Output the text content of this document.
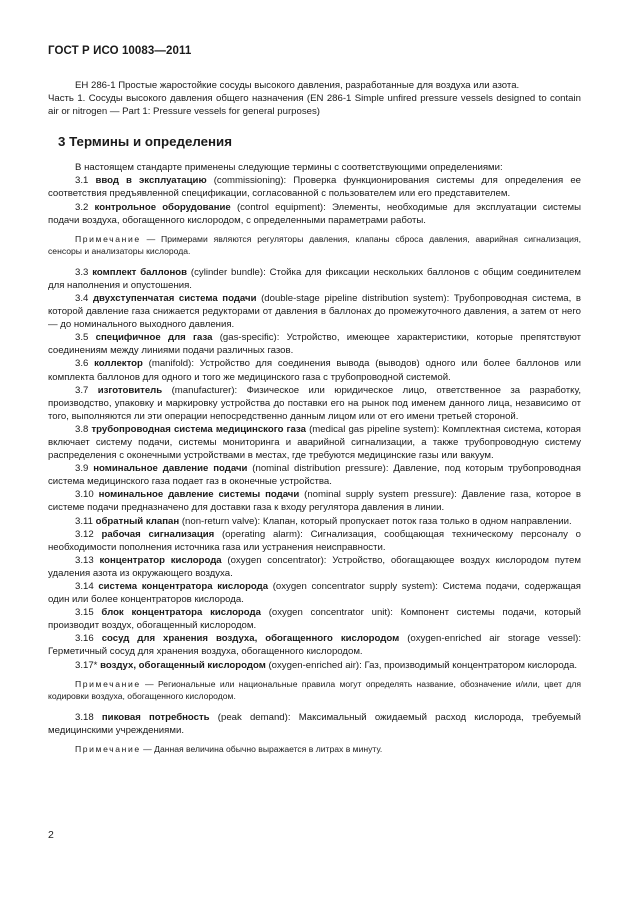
ГОСТ Р ИСО 10083—2011

ЕН 286-1 Простые жаростойкие сосуды высокого давления, разработанные для воздуха или азота.

Часть 1. Сосуды высокого давления общего назначения (EN 286-1 Simple unfired pressure vessels designed to contain air or nitrogen — Part 1: Pressure vessels for general purposes)

3 Термины и определения

В настоящем стандарте применены следующие термины с соответствующими определениями:

3.1 ввод в эксплуатацию (commissioning): Проверка функционирования системы для определения ее соответствия предъявленной спецификации, согласованной с пользователем или его представителем.

3.2 контрольное оборудование (control equipment): Элементы, необходимые для эксплуатации системы подачи воздуха, обогащенного кислородом, с определенными параметрами работы.

Примечание — Примерами являются регуляторы давления, клапаны сброса давления, аварийная сигнализация, сенсоры и анализаторы кислорода.

3.3 комплект баллонов (cylinder bundle): Стойка для фиксации нескольких баллонов с общим соединителем для наполнения и опустошения.

3.4 двухступенчатая система подачи (double-stage pipeline distribution system): Трубопроводная система, в которой давление газа снижается редукторами от давления в баллонах до промежуточного давления, а затем от него — до номинального выходного давления.

3.5 специфичное для газа (gas-specific): Устройство, имеющее характеристики, которые препятствуют соединениям между линиями подачи различных газов.

3.6 коллектор (manifold): Устройство для соединения вывода (выводов) одного или более баллонов или комплекта баллонов для одного и того же медицинского газа с трубопроводной системой.

3.7 изготовитель (manufacturer): Физическое или юридическое лицо, ответственное за разработку, производство, упаковку и маркировку устройства до поставки его на рынок под именем данного лица, независимо от того, выполняются ли эти операции непосредственно данным лицом или от его имени третьей стороной.

3.8 трубопроводная система медицинского газа (medical gas pipeline system): Комплектная система, которая включает систему подачи, системы мониторинга и аварийной сигнализации, а также трубопроводную систему распределения с оконечными устройствами в местах, где требуются медицинские газы или вакуум.

3.9 номинальное давление подачи (nominal distribution pressure): Давление, под которым трубопроводная система медицинского газа подает газ в оконечные устройства.

3.10 номинальное давление системы подачи (nominal supply system pressure): Давление газа, которое в системе подачи предназначено для доставки газа к входу регулятора давления в линии.

3.11 обратный клапан (non-return valve): Клапан, который пропускает поток газа только в одном направлении.

3.12 рабочая сигнализация (operating alarm): Сигнализация, сообщающая техническому персоналу о необходимости пополнения источника газа или устранения неисправности.

3.13 концентратор кислорода (oxygen concentrator): Устройство, обогащающее воздух кислородом путем удаления азота из окружающего воздуха.

3.14 система концентратора кислорода (oxygen concentrator supply system): Система подачи, содержащая один или более концентраторов кислорода.

3.15 блок концентратора кислорода (oxygen concentrator unit): Компонент системы подачи, который производит воздух, обогащенный кислородом.

3.16 сосуд для хранения воздуха, обогащенного кислородом (oxygen-enriched air storage vessel): Герметичный сосуд для хранения воздуха, обогащенного кислородом.

3.17* воздух, обогащенный кислородом (oxygen-enriched air): Газ, производимый концентратором кислорода.

Примечание — Региональные или национальные правила могут определять название, обозначение и/или, цвет для кодировки воздуха, обогащенного кислородом.

3.18 пиковая потребность (peak demand): Максимальный ожидаемый расход кислорода, требуемый медицинскими учреждениями.

Примечание — Данная величина обычно выражается в литрах в минуту.

2
